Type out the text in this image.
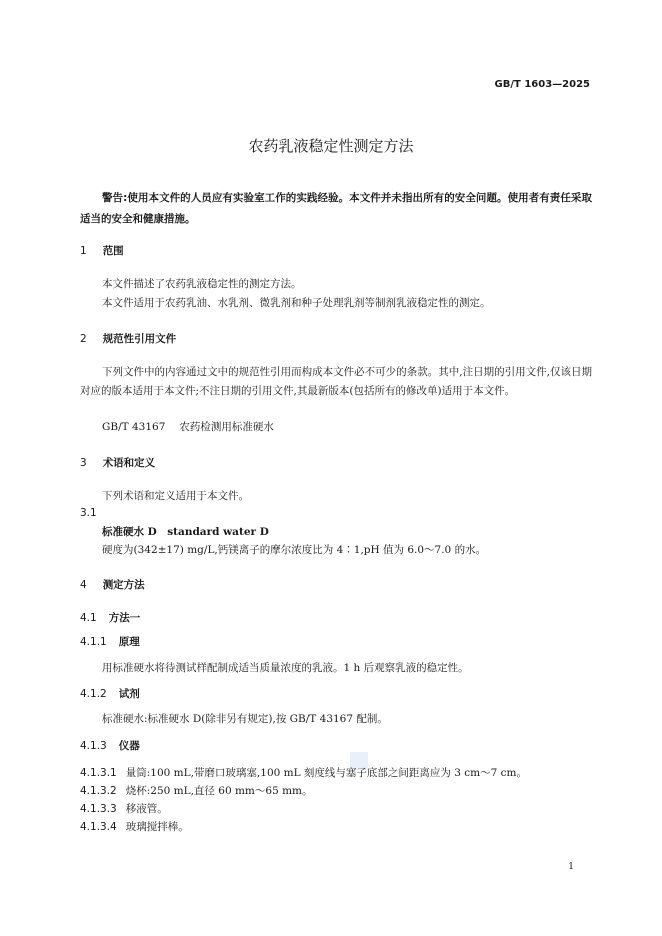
GB/T 1603—2025
农药乳液稳定性测定方法
警告:使用本文件的人员应有实验室工作的实践经验。本文件并未指出所有的安全问题。使用者有责任采取适当的安全和健康措施。
1 范围
本文件描述了农药乳液稳定性的测定方法。
本文件适用于农药乳油、水乳剂、微乳剂和种子处理乳剂等制剂乳液稳定性的测定。
2 规范性引用文件
下列文件中的内容通过文中的规范性引用而构成本文件必不可少的条款。其中,注日期的引用文件,仅该日期对应的版本适用于本文件;不注日期的引用文件,其最新版本(包括所有的修改单)适用于本文件。
GB/T 43167 农药检测用标准硬水
3 术语和定义
下列术语和定义适用于本文件。
3.1
标准硬水 D　standard water D
硬度为(342±17) mg/L,钙镁离子的摩尔浓度比为 4∶1,pH 值为 6.0～7.0 的水。
4 测定方法
4.1 方法一
4.1.1 原理
用标准硬水将待测试样配制成适当质量浓度的乳液。1 h 后观察乳液的稳定性。
4.1.2 试剂
标准硬水:标准硬水 D(除非另有规定),按 GB/T 43167 配制。
4.1.3 仪器
4.1.3.1 量筒:100 mL,带磨口玻璃塞,100 mL 刻度线与塞子底部之间距离应为 3 cm～7 cm。
4.1.3.2 烧杯:250 mL,直径 60 mm～65 mm。
4.1.3.3 移液管。
4.1.3.4 玻璃搅拌棒。
1
